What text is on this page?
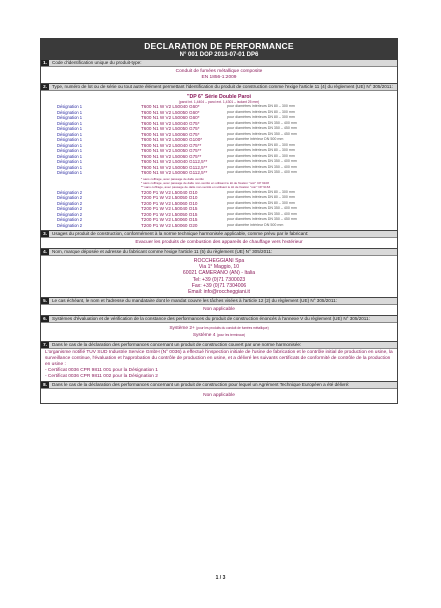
DECLARATION DE PERFORMANCE
N° 001 DOP 2013-07-01 DP6
1.	Code d'identification unique du produit-type:
Conduit de fumées métallique composite
EN 1856-1:2009
2.	Type, numéro de lot ou de série ou tout autre élément permettant l'identification du produit de construction comme l'exige l'article 11 (4) du règlement (UE) N° 305/2011:
"DP 6" Série Double Paroi
(paroi int. 1,4404 – paroi ext. 1,4301 – isolant 25 mm)
Désignation 1	T600 N1 W V2 L50040 G60*	pour diamètres intérieurs DN 80 – 300 mm
Désignation 1	T600 N1 W V2 L50050 G60*	pour diamètres intérieurs DN 80 – 300 mm
Désignation 1	T600 N1 W V2 L50060 G60*	pour diamètres intérieurs DN 80 – 300 mm
Désignation 1	T600 N1 W V2 L50040 G75*	pour diamètres intérieurs DN 350 – 400 mm
Désignation 1	T600 N1 W V2 L50050 G75*	pour diamètres intérieurs DN 350 – 450 mm
Désignation 1	T600 N1 W V2 L50060 G75*	pour diamètres intérieurs DN 350 – 450 mm
Désignation 1	T600 N1 W V2 L50060 G100*	pour diamètre intérieur DN 500 mm
Désignation 1	T600 N1 W V2 L50040 G75**	pour diamètres intérieurs DN 80 – 300 mm
Désignation 1	T600 N1 W V2 L50050 G75**	pour diamètres intérieurs DN 80 – 300 mm
Désignation 1	T600 N1 W V2 L50060 G75**	pour diamètres intérieurs DN 80 – 300 mm
Désignation 1	T600 N1 W V2 L50040 G112,5**	pour diamètres intérieurs DN 350 – 400 mm
Désignation 1	T600 N1 W V2 L50050 G112,5**	pour diamètres intérieurs DN 350 – 400 mm
Désignation 1	T600 N1 W V2 L50060 G112,5**	pour diamètres intérieurs DN 350 – 400 mm
* sans coffrage, avec passage de dalle ventilé
* sans coffrage, avec passage de dalle non-ventilé en utilisant le kit de fixation "noir" CP 9108
** sans coffrage, avec passage de dalle non-ventilé en utilisant le kit de fixation "noir" CP 9163
Désignation 2	T200 P1 W V2 L50040 O10	pour diamètres intérieurs DN 80 – 300 mm
Désignation 2	T200 P1 W V2 L50050 O10	pour diamètres intérieurs DN 80 – 300 mm
Désignation 2	T200 P1 W V2 L50060 O10	pour diamètres intérieurs DN 80 – 300 mm
Désignation 2	T200 P1 W V2 L50040 O15	pour diamètres intérieurs DN 350 – 400 mm
Désignation 2	T200 P1 W V2 L50050 O15	pour diamètres intérieurs DN 350 – 400 mm
Désignation 2	T200 P1 W V2 L50060 O15	pour diamètres intérieurs DN 350 – 450 mm
Désignation 2	T200 P1 W V2 L50060 O20	pour diamètre intérieur DN 500 mm
3.	Usages du produit de construction, conformément à la norme technique harmonisée applicable, comme prévu par le fabricant:
Evacuer les produits de combustion des appareils de chauffage vers l'extérieur
4.	Nom, marque déposée et adresse du fabricant comme l'exige l'article 11 (5) du règlement (UE) N° 305/2011:
ROCCHEGGIANI Spa
Via 1° Maggio, 10
60021 CAMERANO (AN) - Italia
Tel: +39 (0)71 7300023
Fax: +39 (0)71 7304006
Email: info@roccheggiani.it
5.	Le cas échéant, le nom et l'adresse du mandataire dont le mandat couvre les tâches visées à l'article 12 (2) du règlement (UE) N° 305/2011:
Non applicable
6.	Systèmes d'évaluation et de vérification de la constance des performances du produit de construction énoncés à l'annexe V du règlement (UE) N° 305/2011:
Système 2+ (pour les produits du conduit de fumées métallique)
Système 4 (pour les terminaux)
7.	Dans le cas de la déclaration des performances concernant un produit de construction couvert par une norme harmonisée:
L'organisme notifié TUV SUD Industrie Service GmbH (N° 0036) a effectué l'inspection initiale de l'usine de fabrication et le contrôle initial de production en usine, la surveillance continue, l'évaluation et l'approbation du contrôle de production en usine, et a délivré les suivants certificats de conformité de contrôle de la production en usine :
- Certificat 0036 CPR 9811 001 pour la Désignation 1
- Certificat 0036 CPR 9811 002 pour la Désignation 2
8.	Dans le cas de la déclaration des performances concernant un produit de construction pour lequel un Agrément Technique Européen a été délivré:
Non applicable
1 / 3
